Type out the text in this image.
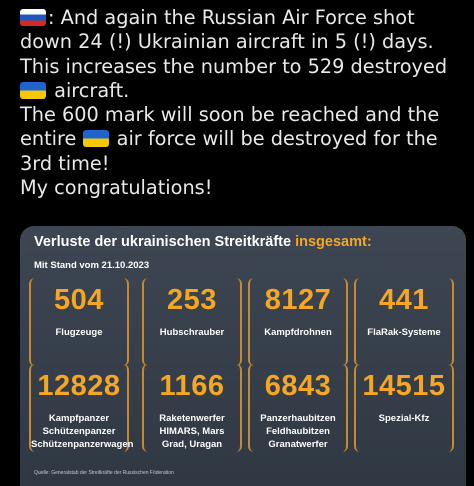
: And again the Russian Air Force shot
down 24 (!) Ukrainian aircraft in 5 (!) days.
This increases the number to 529 destroyed
aircraft.
The 600 mark will soon be reached and the
entire  air force will be destroyed for the
3rd time!
My congratulations!
Verluste der ukrainischen Streitkräfte insgesamt:
Mit Stand vom 21.10.2023
504
Flugzeuge
253
Hubschrauber
8127
Kampfdrohnen
441
FlaRak-Systeme
12828
Kampfpanzer
Schützenpanzer
Schützenpanzerwagen
1166
Raketenwerfer
HIMARS, Mars
Grad, Uragan
6843
Panzerhaubitzen
Feldhaubitzen
Granatwerfer
14515
Spezial-Kfz
Quelle: Generalstab der Streitkräfte der Russischen Föderation
